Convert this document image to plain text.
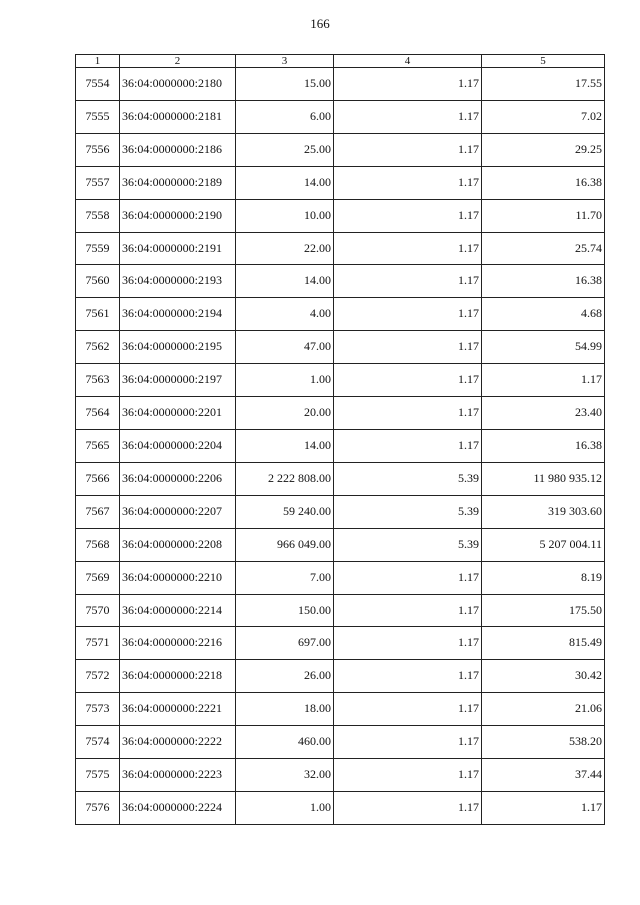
166
1	2	3	4	5
7554	36:04:0000000:2180	15.00	1.17	17.55
7555	36:04:0000000:2181	6.00	1.17	7.02
7556	36:04:0000000:2186	25.00	1.17	29.25
7557	36:04:0000000:2189	14.00	1.17	16.38
7558	36:04:0000000:2190	10.00	1.17	11.70
7559	36:04:0000000:2191	22.00	1.17	25.74
7560	36:04:0000000:2193	14.00	1.17	16.38
7561	36:04:0000000:2194	4.00	1.17	4.68
7562	36:04:0000000:2195	47.00	1.17	54.99
7563	36:04:0000000:2197	1.00	1.17	1.17
7564	36:04:0000000:2201	20.00	1.17	23.40
7565	36:04:0000000:2204	14.00	1.17	16.38
7566	36:04:0000000:2206	2 222 808.00	5.39	11 980 935.12
7567	36:04:0000000:2207	59 240.00	5.39	319 303.60
7568	36:04:0000000:2208	966 049.00	5.39	5 207 004.11
7569	36:04:0000000:2210	7.00	1.17	8.19
7570	36:04:0000000:2214	150.00	1.17	175.50
7571	36:04:0000000:2216	697.00	1.17	815.49
7572	36:04:0000000:2218	26.00	1.17	30.42
7573	36:04:0000000:2221	18.00	1.17	21.06
7574	36:04:0000000:2222	460.00	1.17	538.20
7575	36:04:0000000:2223	32.00	1.17	37.44
7576	36:04:0000000:2224	1.00	1.17	1.17
